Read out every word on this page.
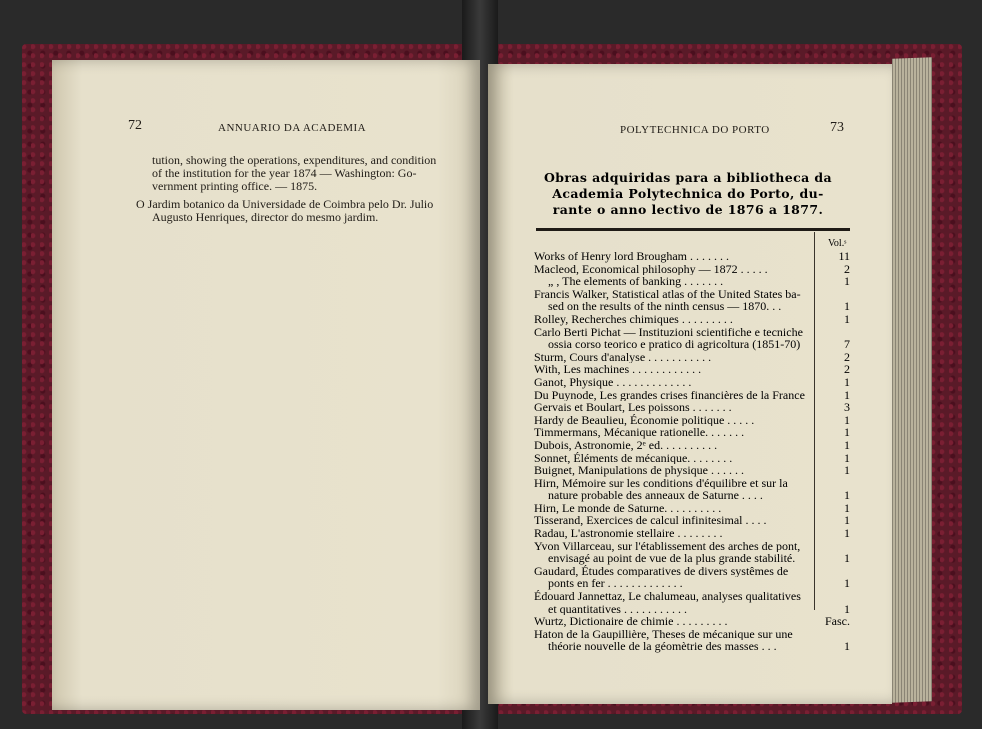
72	ANNUARIO DA ACADEMIA

tution, showing the operations, expenditures, and condition

of the institution for the year 1874 — Washington: Go-

vernment printing office. — 1875.

O Jardim botanico da Universidade de Coimbra pelo Dr. Julio

Augusto Henriques, director do mesmo jardim.

POLYTECHNICA DO PORTO	73
Obras adquiridas para a bibliotheca da
Academia Polytechnica do Porto, du-
rante o anno lectivo de 1876 a 1877.
Vol.ˢ
Works of Henry lord Brougham . . . . . . .	11
Macleod, Economical philosophy — 1872 . . . . .	2
„ , The elements of banking . . . . . . .	1
Francis Walker, Statistical atlas of the United States ba-
sed on the results of the ninth census — 1870. . .	1
Rolley, Recherches chimiques . . . . . . . . .	1
Carlo Berti Pichat — Instituzioni scientifiche e tecniche
ossia corso teorico e pratico di agricoltura (1851-70)	7
Sturm, Cours d'analyse . . . . . . . . . . .	2
With, Les machines . . . . . . . . . . . .	2
Ganot, Physique . . . . . . . . . . . . .	1
Du Puynode, Les grandes crises financières de la France	1
Gervais et Boulart, Les poissons . . . . . . .	3
Hardy de Beaulieu, Économie politique . . . . .	1
Timmermans, Mécanique rationelle. . . . . . .	1
Dubois, Astronomie, 2ᵉ ed. . . . . . . . . .	1
Sonnet, Éléments de mécanique. . . . . . . .	1
Buignet, Manipulations de physique . . . . . .	1
Hirn, Mémoire sur les conditions d'équilibre et sur la
nature probable des anneaux de Saturne . . . .	1
Hirn, Le monde de Saturne. . . . . . . . . .	1
Tisserand, Exercices de calcul infinitesimal . . . .	1
Radau, L'astronomie stellaire . . . . . . . .	1
Yvon Villarceau, sur l'établissement des arches de pont,
envisagé au point de vue de la plus grande stabilité.	1
Gaudard, Études comparatives de divers systêmes de
ponts en fer . . . . . . . . . . . . .	1
Édouard Jannettaz, Le chalumeau, analyses qualitatives
et quantitatives . . . . . . . . . . .	1
Wurtz, Dictionaire de chimie . . . . . . . . .	Fasc.
Haton de la Gaupillière, Theses de mécanique sur une
théorie nouvelle de la géomètrie des masses . . .	1
